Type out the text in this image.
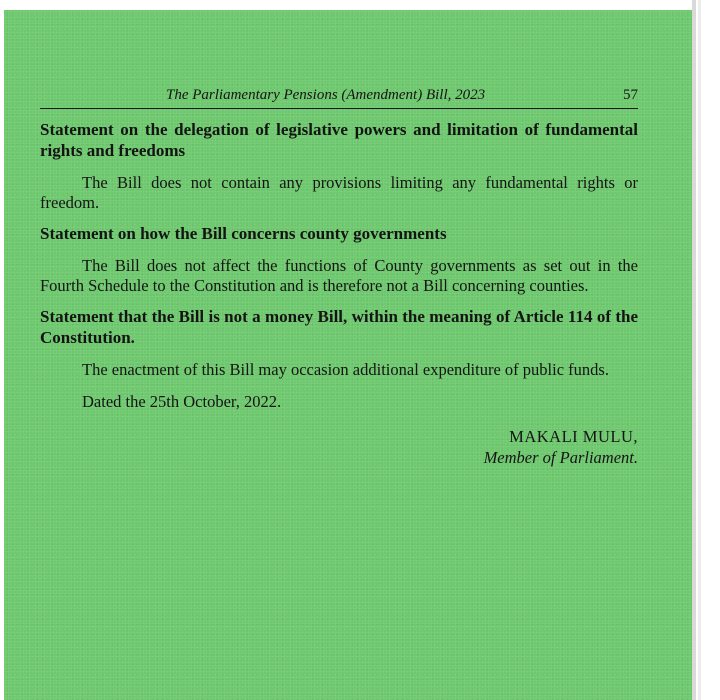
The Parliamentary Pensions (Amendment) Bill, 2023	57

Statement on the delegation of legislative powers and limitation of fundamental rights and freedoms

The Bill does not contain any provisions limiting any fundamental rights or freedom.

Statement on how the Bill concerns county governments

The Bill does not affect the functions of County governments as set out in the Fourth Schedule to the Constitution and is therefore not a Bill concerning counties.

Statement that the Bill is not a money Bill, within the meaning of Article 114 of the Constitution.

The enactment of this Bill may occasion additional expenditure of public funds.

Dated the 25th October, 2022.

MAKALI MULU,
Member of Parliament.
